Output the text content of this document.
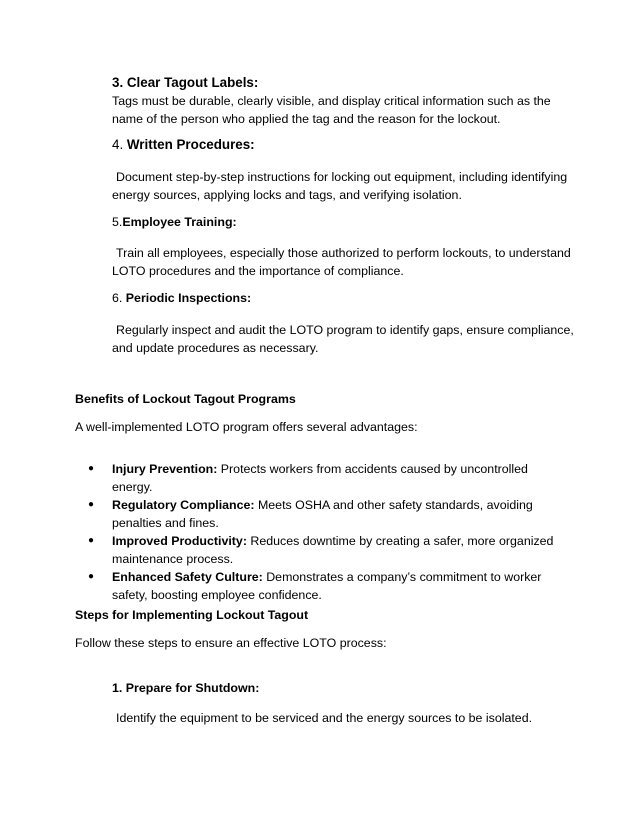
3. Clear Tagout Labels:
Tags must be durable, clearly visible, and display critical information such as the name of the person who applied the tag and the reason for the lockout.
4. Written Procedures:
Document step-by-step instructions for locking out equipment, including identifying energy sources, applying locks and tags, and verifying isolation.
5.Employee Training:
Train all employees, especially those authorized to perform lockouts, to understand LOTO procedures and the importance of compliance.
6. Periodic Inspections:
Regularly inspect and audit the LOTO program to identify gaps, ensure compliance, and update procedures as necessary.
Benefits of Lockout Tagout Programs
A well-implemented LOTO program offers several advantages:
● Injury Prevention: Protects workers from accidents caused by uncontrolled energy.
● Regulatory Compliance: Meets OSHA and other safety standards, avoiding penalties and fines.
● Improved Productivity: Reduces downtime by creating a safer, more organized maintenance process.
● Enhanced Safety Culture: Demonstrates a company’s commitment to worker safety, boosting employee confidence.
Steps for Implementing Lockout Tagout
Follow these steps to ensure an effective LOTO process:
1. Prepare for Shutdown:
Identify the equipment to be serviced and the energy sources to be isolated.
